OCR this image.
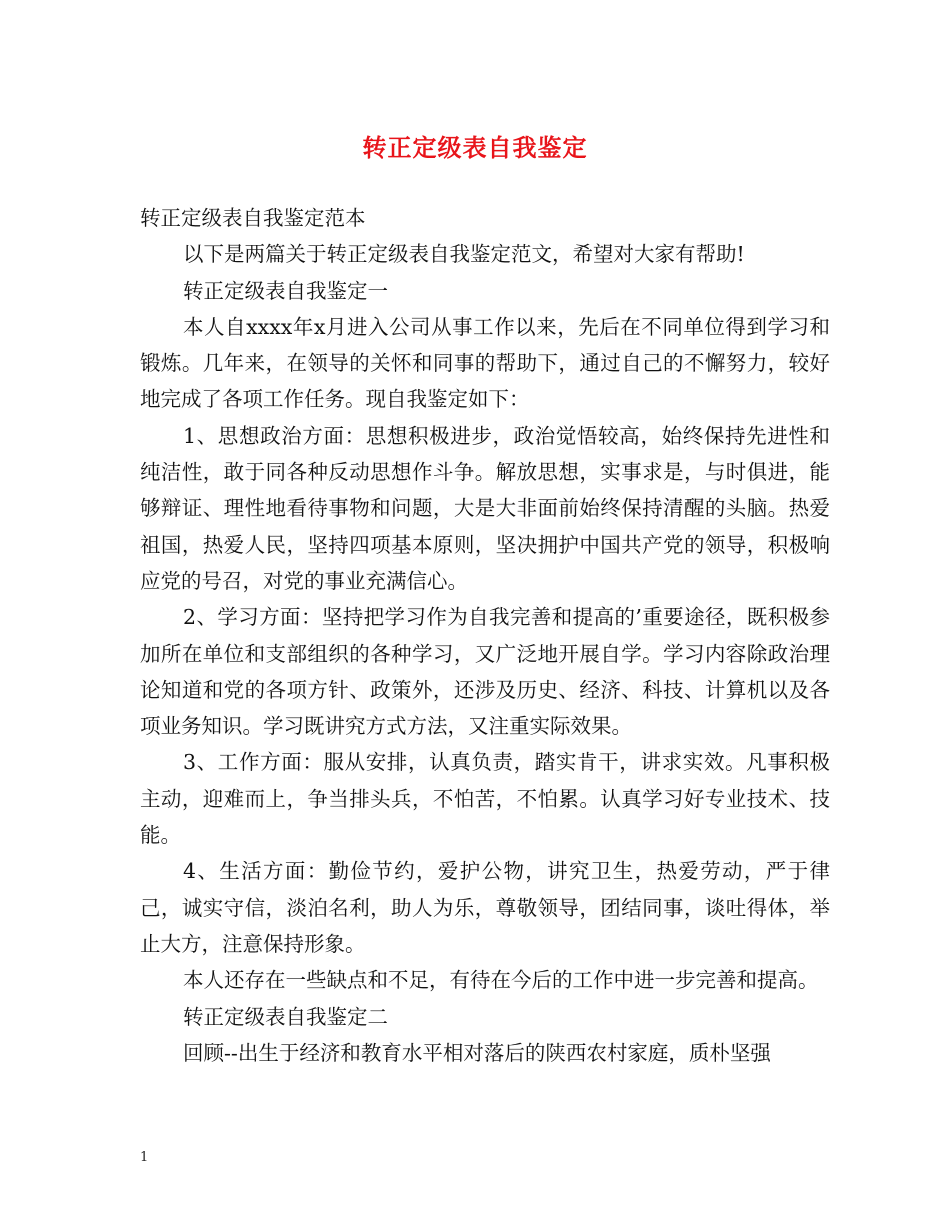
转正定级表自我鉴定

转正定级表自我鉴定范本

以下是两篇关于转正定级表自我鉴定范文，希望对大家有帮助!

转正定级表自我鉴定一

本人自xxxx年x月进入公司从事工作以来，先后在不同单位得到学习和锻炼。几年来，在领导的关怀和同事的帮助下，通过自己的不懈努力，较好地完成了各项工作任务。现自我鉴定如下：

1、思想政治方面：思想积极进步，政治觉悟较高，始终保持先进性和纯洁性，敢于同各种反动思想作斗争。解放思想，实事求是，与时俱进，能够辩证、理性地看待事物和问题，大是大非面前始终保持清醒的头脑。热爱祖国，热爱人民，坚持四项基本原则，坚决拥护中国共产党的领导，积极响应党的号召，对党的事业充满信心。

2、学习方面：坚持把学习作为自我完善和提高的’重要途径，既积极参加所在单位和支部组织的各种学习，又广泛地开展自学。学习内容除政治理论知道和党的各项方针、政策外，还涉及历史、经济、科技、计算机以及各项业务知识。学习既讲究方式方法，又注重实际效果。

3、工作方面：服从安排，认真负责，踏实肯干，讲求实效。凡事积极主动，迎难而上，争当排头兵，不怕苦，不怕累。认真学习好专业技术、技能。

4、生活方面：勤俭节约，爱护公物，讲究卫生，热爱劳动，严于律己，诚实守信，淡泊名利，助人为乐，尊敬领导，团结同事，谈吐得体，举止大方，注意保持形象。

本人还存在一些缺点和不足，有待在今后的工作中进一步完善和提高。

转正定级表自我鉴定二

回顾--出生于经济和教育水平相对落后的陕西农村家庭，质朴坚强

1
